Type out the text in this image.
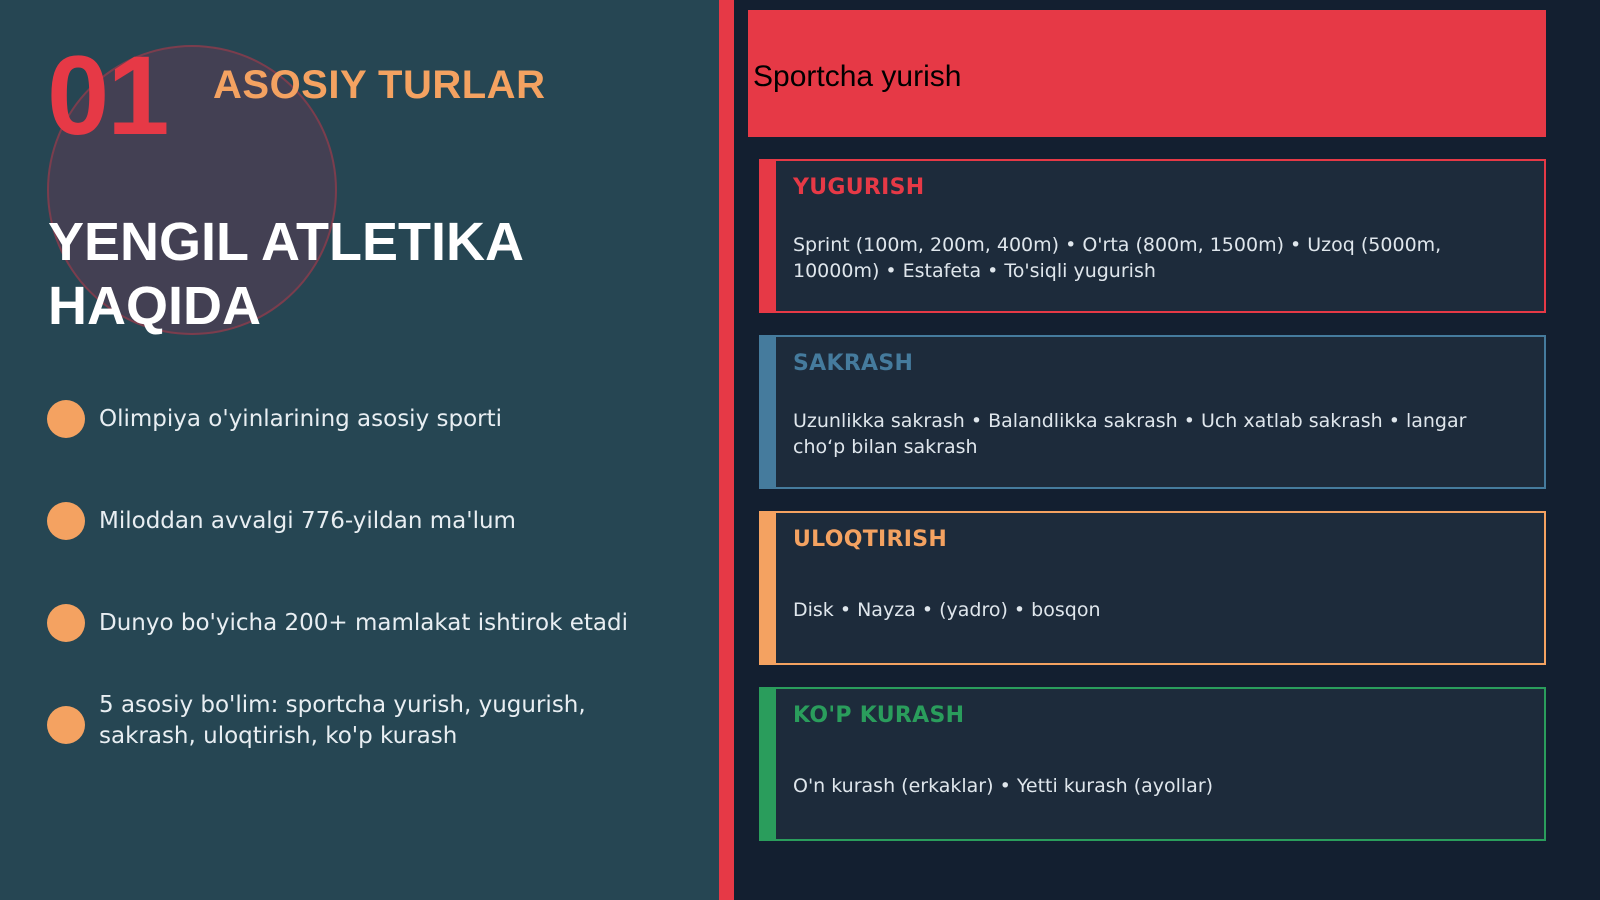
01 ASOSIY TURLAR
YENGIL ATLETIKA
HAQIDA
Olimpiya o'yinlarining asosiy sporti
Miloddan avvalgi 776-yildan ma'lum
Dunyo bo'yicha 200+ mamlakat ishtirok etadi
5 asosiy bo'lim: sportcha yurish, yugurish, sakrash, uloqtirish, ko'p kurash
Sportcha yurish
YUGURISH
Sprint (100m, 200m, 400m) • O'rta (800m, 1500m) • Uzoq (5000m, 10000m) • Estafeta • To'siqli yugurish
SAKRASH
Uzunlikka sakrash • Balandlikka sakrash • Uch xatlab sakrash • langar cho‘p bilan sakrash
ULOQTIRISH
Disk • Nayza • (yadro) • bosqon
KO'P KURASH
O'n kurash (erkaklar) • Yetti kurash (ayollar)
